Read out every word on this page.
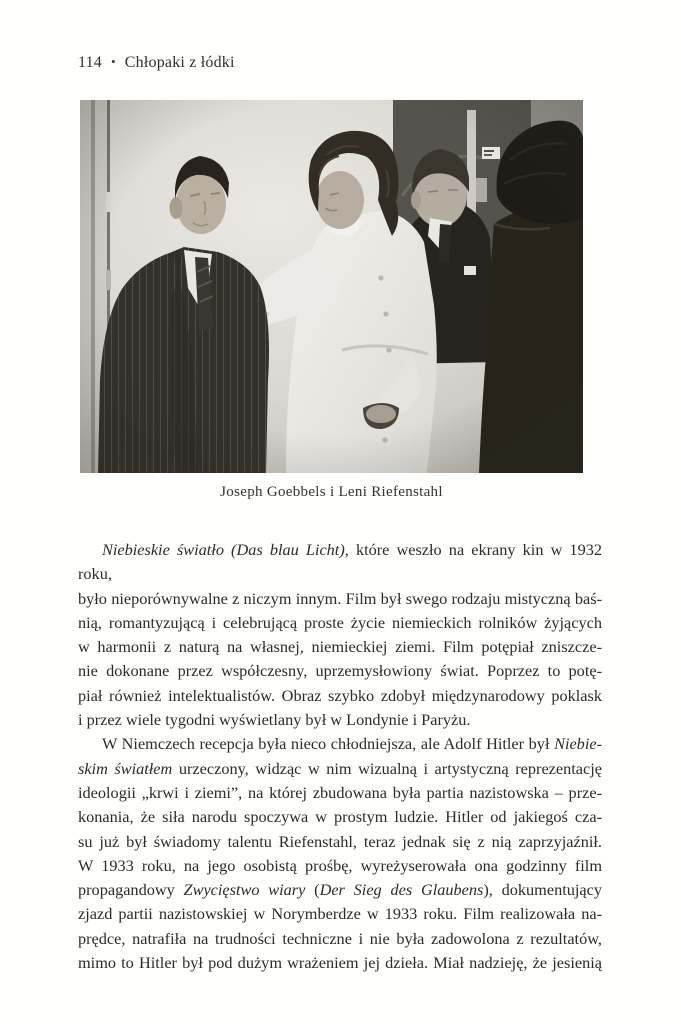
114 • Chłopaki z łódki
Joseph Goebbels i Leni Riefenstahl
Niebieskie światło (Das blau Licht), które weszło na ekrany kin w 1932 roku,
było nieporównywalne z niczym innym. Film był swego rodzaju mistyczną baś-
nią, romantyzującą i celebrującą proste życie niemieckich rolników żyjących
w harmonii z naturą na własnej, niemieckiej ziemi. Film potępiał zniszcze-
nie dokonane przez współczesny, uprzemysłowiony świat. Poprzez to potę-
piał również intelektualistów. Obraz szybko zdobył międzynarodowy poklask
i przez wiele tygodni wyświetlany był w Londynie i Paryżu.
W Niemczech recepcja była nieco chłodniejsza, ale Adolf Hitler był Niebie-
skim światłem urzeczony, widząc w nim wizualną i artystyczną reprezentację
ideologii „krwi i ziemi”, na której zbudowana była partia nazistowska – prze-
konania, że siła narodu spoczywa w prostym ludzie. Hitler od jakiegoś cza-
su już był świadomy talentu Riefenstahl, teraz jednak się z nią zaprzyjaźnił.
W 1933 roku, na jego osobistą prośbę, wyreżyserowała ona godzinny film
propagandowy Zwycięstwo wiary (Der Sieg des Glaubens), dokumentujący
zjazd partii nazistowskiej w Norymberdze w 1933 roku. Film realizowała na-
prędce, natrafiła na trudności techniczne i nie była zadowolona z rezultatów,
mimo to Hitler był pod dużym wrażeniem jej dzieła. Miał nadzieję, że jesienią
